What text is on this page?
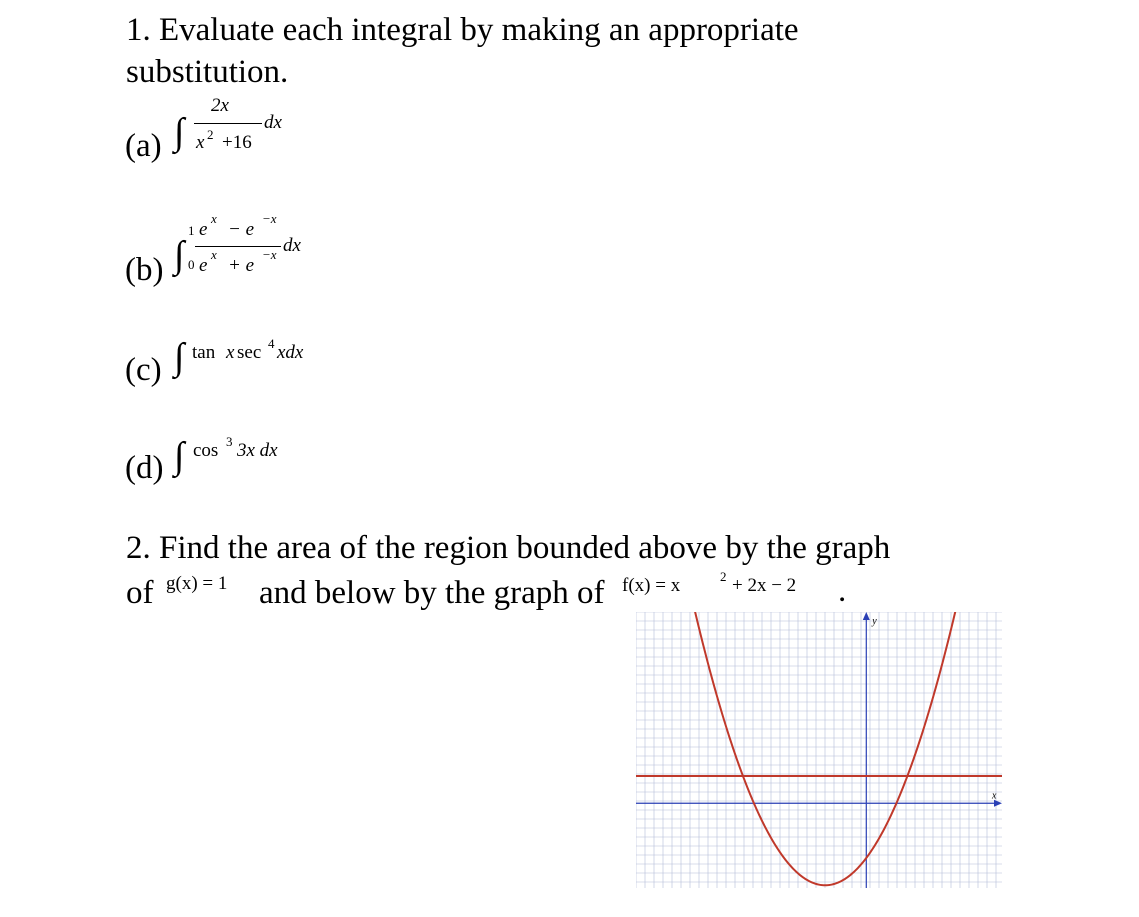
1. Evaluate each integral by making an appropriate
substitution.
(a) ∫
2x
x 2 +16
dx
(b) ∫
1
0
e
x
− e
−x
e
x
+ e
−x dx
(c) ∫ tan x sec 4 xdx
(d) ∫ cos 3 3x dx
2. Find the area of the region bounded above by the graph
of g(x) = 1 and below by the graph of f(x) = x	2 + 2x − 2 .
x
y
